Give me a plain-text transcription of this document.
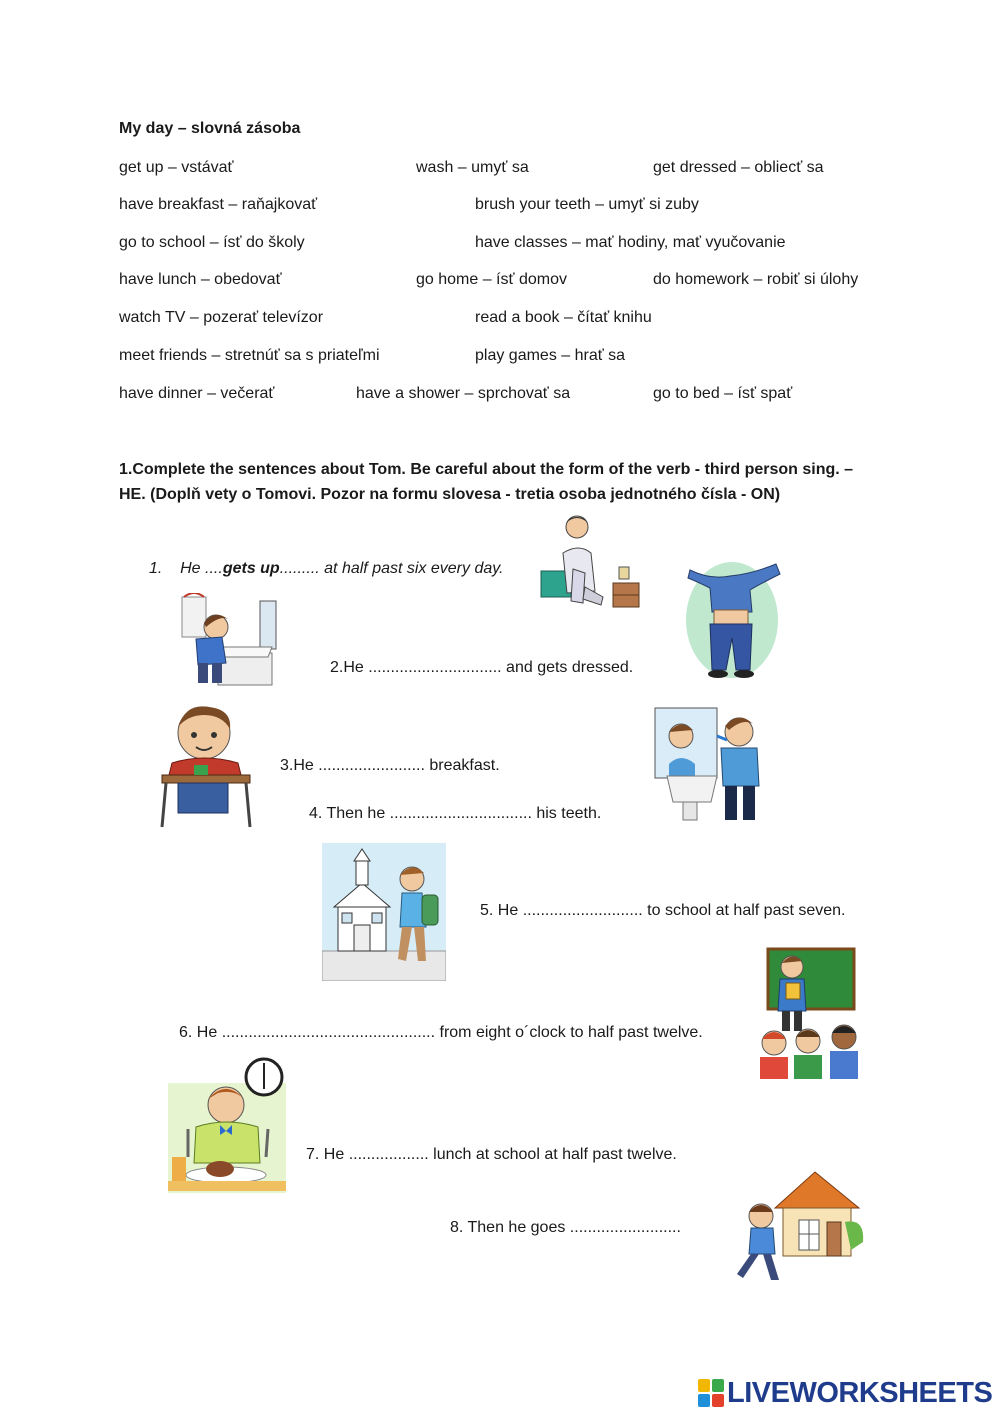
My day – slovná zásoba
get up – vstávať	wash – umyť sa	get dressed – obliecť sa
have breakfast – raňajkovať	brush your teeth – umyť si zuby
go to school – ísť do školy	have classes – mať hodiny, mať vyučovanie
have lunch – obedovať	go home – ísť domov	do homework – robiť si úlohy
watch TV – pozerať televízor	read a book – čítať knihu
meet friends – stretnúť sa s priateľmi	play games – hrať sa
have dinner – večerať	have a shower – sprchovať sa	go to bed – ísť spať
1.Complete the sentences about Tom. Be careful about the form of the verb - third person sing. –
HE. (Doplň vety o Tomovi. Pozor na formu slovesa - tretia osoba jednotného čísla - ON)
1. He ....gets up......... at half past six every day.
2.He .............................. and gets dressed.
3.He ........................ breakfast.
4. Then he ................................ his teeth.
5. He ........................... to school at half past seven.
6. He ................................................ from eight o´clock to half past twelve.
7. He .................. lunch at school at half past twelve.
8. Then he goes .........................
LIVEWORKSHEETS
